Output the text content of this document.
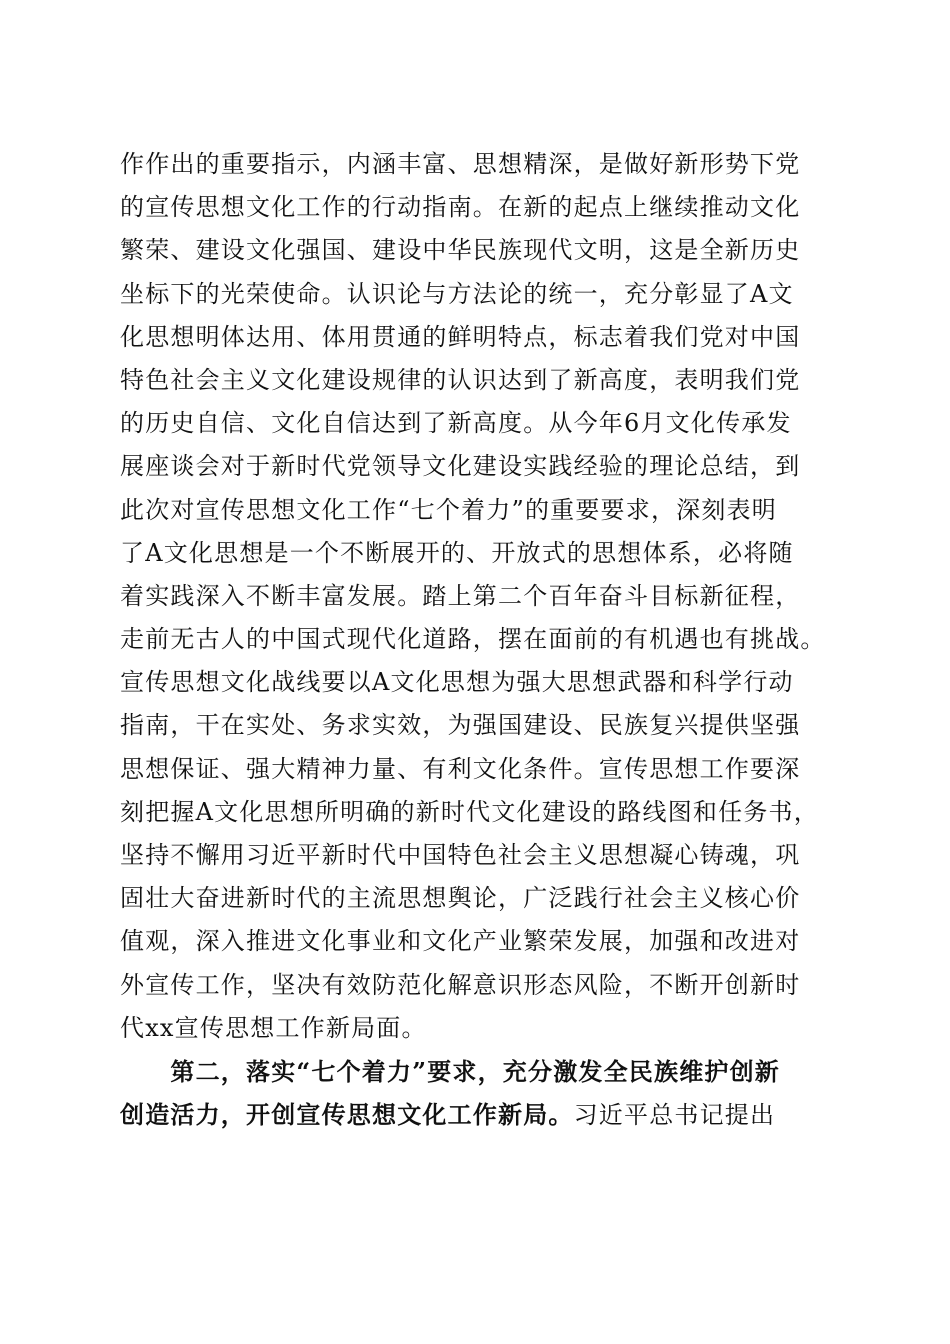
作作出的重要指示，内涵丰富、思想精深，是做好新形势下党
的宣传思想文化工作的行动指南。在新的起点上继续推动文化
繁荣、建设文化强国、建设中华民族现代文明，这是全新历史
坐标下的光荣使命。认识论与方法论的统一，充分彰显了A文
化思想明体达用、体用贯通的鲜明特点，标志着我们党对中国
特色社会主义文化建设规律的认识达到了新高度，表明我们党
的历史自信、文化自信达到了新高度。从今年6月文化传承发
展座谈会对于新时代党领导文化建设实践经验的理论总结，到
此次对宣传思想文化工作“七个着力”的重要要求，深刻表明
了A文化思想是一个不断展开的、开放式的思想体系，必将随
着实践深入不断丰富发展。踏上第二个百年奋斗目标新征程，
走前无古人的中国式现代化道路，摆在面前的有机遇也有挑战。
宣传思想文化战线要以A文化思想为强大思想武器和科学行动
指南，干在实处、务求实效，为强国建设、民族复兴提供坚强
思想保证、强大精神力量、有利文化条件。宣传思想工作要深
刻把握A文化思想所明确的新时代文化建设的路线图和任务书，
坚持不懈用习近平新时代中国特色社会主义思想凝心铸魂，巩
固壮大奋进新时代的主流思想舆论，广泛践行社会主义核心价
值观，深入推进文化事业和文化产业繁荣发展，加强和改进对
外宣传工作，坚决有效防范化解意识形态风险，不断开创新时
代xx宣传思想工作新局面。
　　第二，落实“七个着力”要求，充分激发全民族维护创新
创造活力，开创宣传思想文化工作新局。习近平总书记提出
